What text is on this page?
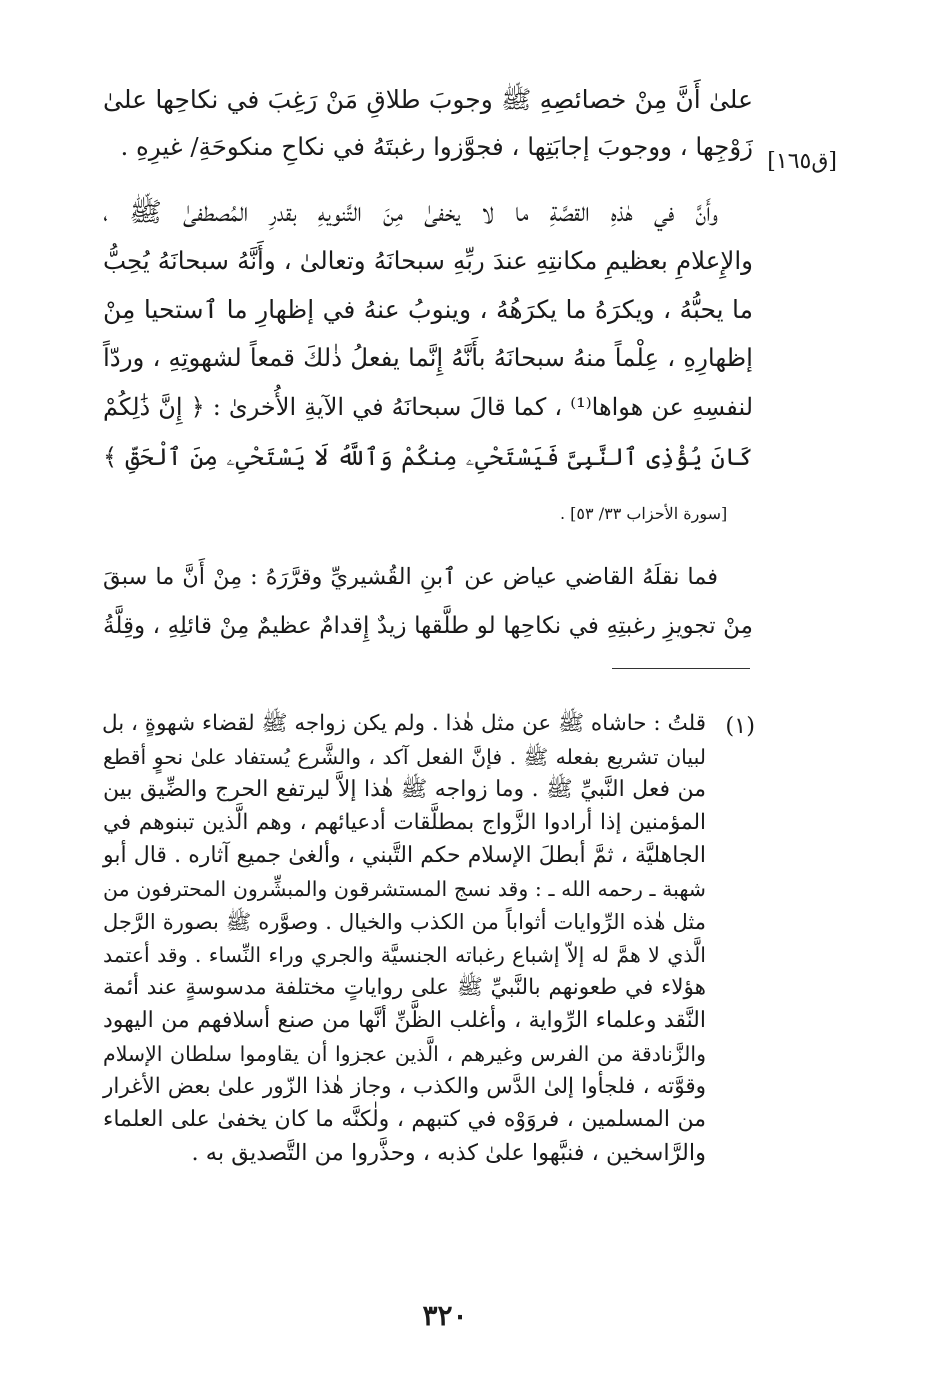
علىٰ أَنَّ مِنْ خصائصِهِ ﷺ وجوبَ طلاقِ مَنْ رَغِبَ في نكاحِها علىٰ
زَوْجِها ، ووجوبَ إجابَتِها ، فجوَّزوا رغبتَهُ في نكاحِ منكوحَةِ/ غيرِهِ .
[ق١٦٥]
وأَنَّ في هٰذهِ القصَّةِ ما لا يخفىٰ مِنَ التَّنويهِ بقدرِ المُصطفىٰ ﷺ ،
والإِعلامِ بعظيمِ مكانتِهِ عندَ ربِّهِ سبحانَهُ وتعالىٰ ، وأَنَّهُ سبحانَهُ يُحِبُّ
ما يحبُّهُ ، ويكرَهُ ما يكرَهُهُ ، وينوبُ عنهُ في إظهارِ ما ٱستحيا مِنْ
إظهارِهِ ، عِلْماً منهُ سبحانَهُ بأَنَّهُ إِنَّما يفعلُ ذٰلكَ قمعاً لشهوتِهِ ، وردّاً
لنفسِهِ عن هواها⁽¹⁾ ، كما قالَ سبحانَهُ في الآيةِ الأُخرىٰ : ﴿ إِنَّ ذَٰلِكُمْ
كَانَ يُؤْذِى ٱلنَّبِىَّ فَيَسْتَحْىِۦ مِنكُمْ وَٱللَّهُ لَا يَسْتَحْىِۦ مِنَ ٱلْحَقِّ ﴾
[سورة الأحزاب ٣٣/ ٥٣] .
فما نقلَهُ القاضي عياض عن ٱبنِ القُشيريِّ وقرَّرَهُ : مِنْ أَنَّ ما سبقَ
مِنْ تجويزِ رغبتِهِ في نكاحِها لو طلَّقها زيدٌ إِقدامٌ عظيمٌ مِنْ قائلِهِ ، وقِلَّةُ
(١)
قلتُ : حاشاه ﷺ عن مثل هٰذا . ولم يكن زواجه ﷺ لقضاء شهوةٍ ، بل
لبيان تشريع بفعله ﷺ . فإنَّ الفعل آكد ، والشَّرع يُستفاد علىٰ نحوٍ أقطع
من فعل النَّبيِّ ﷺ . وما زواجه ﷺ هٰذا إلاَّ ليرتفع الحرج والضِّيق بين
المؤمنين إذا أرادوا الزَّواج بمطلَّقات أدعيائهم ، وهم الَّذين تبنوهم في
الجاهليَّة ، ثمَّ أبطلَ الإسلام حكم التَّبني ، وألغىٰ جميع آثاره . قال أبو
شهبة ـ رحمه الله ـ : وقد نسج المستشرقون والمبشِّرون المحترفون من
مثل هٰذه الرِّوايات أثواباً من الكذب والخيال . وصوَّره ﷺ بصورة الرَّجل
الَّذي لا همَّ له إلاّ إشباع رغباته الجنسيَّة والجري وراء النِّساء . وقد أعتمد
هؤلاء في طعونهم بالنَّبيِّ ﷺ على رواياتٍ مختلفة مدسوسةٍ عند أئمة
النَّقد وعلماء الرِّواية ، وأغلب الظَّنِّ أنَّها من صنع أسلافهم من اليهود
والزَّنادقة من الفرس وغيرهم ، الَّذين عجزوا أن يقاوموا سلطان الإسلام
وقوَّته ، فلجأوا إلىٰ الدَّس والكذب ، وجاز هٰذا الزّور علىٰ بعض الأغرار
من المسلمين ، فروَوْه في كتبهم ، ولٰكنَّه ما كان يخفىٰ على العلماء
والرَّاسخين ، فنبَّهوا علىٰ كذبه ، وحذَّروا من التَّصديق به .
٣٢٠
